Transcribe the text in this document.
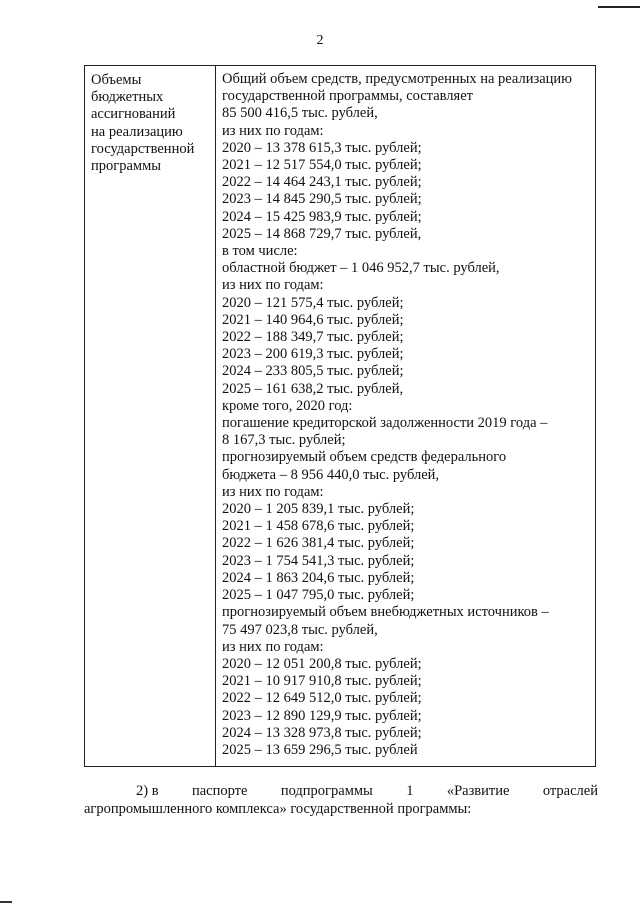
2
Объемы
бюджетных
ассигнований
на реализацию
государственной
программы
Общий объем средств, предусмотренных на реализацию
государственной программы, составляет
85 500 416,5 тыс. рублей,
из них по годам:
2020 – 13 378 615,3 тыс. рублей;
2021 – 12 517 554,0 тыс. рублей;
2022 – 14 464 243,1 тыс. рублей;
2023 – 14 845 290,5 тыс. рублей;
2024 – 15 425 983,9 тыс. рублей;
2025 – 14 868 729,7 тыс. рублей,
в том числе:
областной бюджет – 1 046 952,7 тыс. рублей,
из них по годам:
2020 – 121 575,4 тыс. рублей;
2021 – 140 964,6 тыс. рублей;
2022 – 188 349,7 тыс. рублей;
2023 – 200 619,3 тыс. рублей;
2024 – 233 805,5 тыс. рублей;
2025 – 161 638,2 тыс. рублей,
кроме того, 2020 год:
погашение кредиторской задолженности 2019 года –
8 167,3 тыс. рублей;
прогнозируемый объем средств федерального
бюджета – 8 956 440,0 тыс. рублей,
из них по годам:
2020 – 1 205 839,1 тыс. рублей;
2021 – 1 458 678,6 тыс. рублей;
2022 – 1 626 381,4 тыс. рублей;
2023 – 1 754 541,3 тыс. рублей;
2024 – 1 863 204,6 тыс. рублей;
2025 – 1 047 795,0 тыс. рублей;
прогнозируемый объем внебюджетных источников –
75 497 023,8 тыс. рублей,
из них по годам:
2020 – 12 051 200,8 тыс. рублей;
2021 – 10 917 910,8 тыс. рублей;
2022 – 12 649 512,0 тыс. рублей;
2023 – 12 890 129,9 тыс. рублей;
2024 – 13 328 973,8 тыс. рублей;
2025 – 13 659 296,5 тыс. рублей
2) в паспорте подпрограммы 1 «Развитие отраслей
агропромышленного комплекса» государственной программы:
